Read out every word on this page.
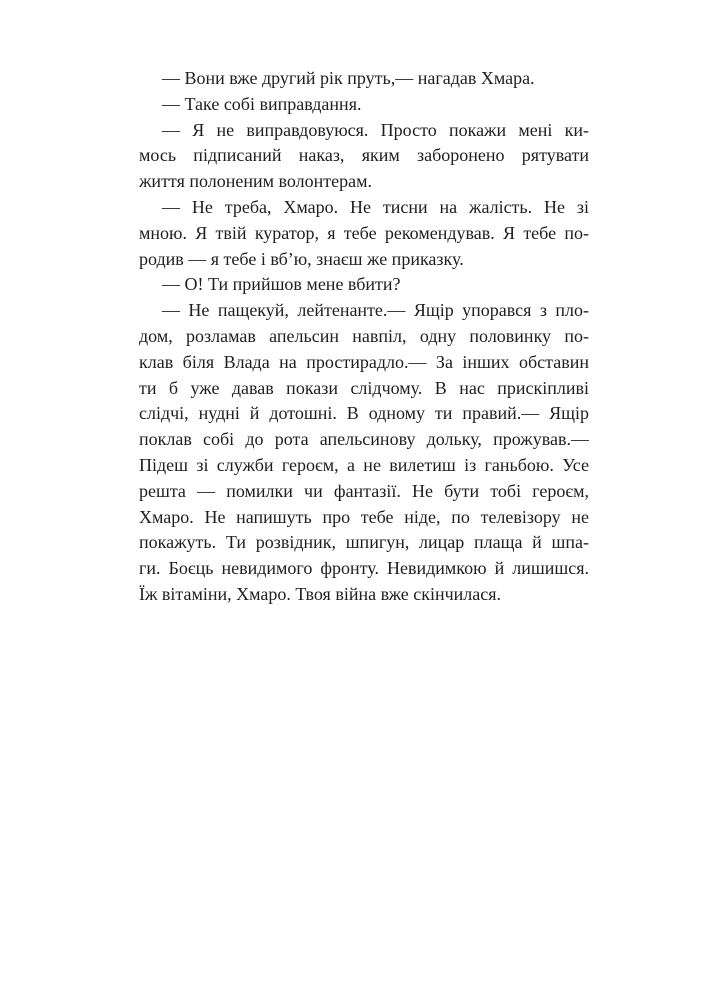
— Вони вже другий рік пруть,— нагадав Хмара.
— Таке собі виправдання.
— Я не виправдовуюся. Просто покажи мені ки-
мось підписаний наказ, яким заборонено рятувати
життя полоненим волонтерам.
— Не треба, Хмаро. Не тисни на жалість. Не зі
мною. Я твій куратор, я тебе рекомендував. Я тебе по-
родив — я тебе і вб’ю, знаєш же приказку.
— О! Ти прийшов мене вбити?
— Не пащекуй, лейтенанте.— Ящір упорався з пло-
дом, розламав апельсин навпіл, одну половинку по-
клав біля Влада на простирадло.— За інших обставин
ти б уже давав покази слідчому. В нас прискіпливі
слідчі, нудні й дотошні. В одному ти правий.— Ящір
поклав собі до рота апельсинову дольку, прожував.—
Підеш зі служби героєм, а не вилетиш із ганьбою. Усе
решта — помилки чи фантазії. Не бути тобі героєм,
Хмаро. Не напишуть про тебе ніде, по телевізору не
покажуть. Ти розвідник, шпигун, лицар плаща й шпа-
ги. Боєць невидимого фронту. Невидимкою й лишишся.
Їж вітаміни, Хмаро. Твоя війна вже скінчилася.
